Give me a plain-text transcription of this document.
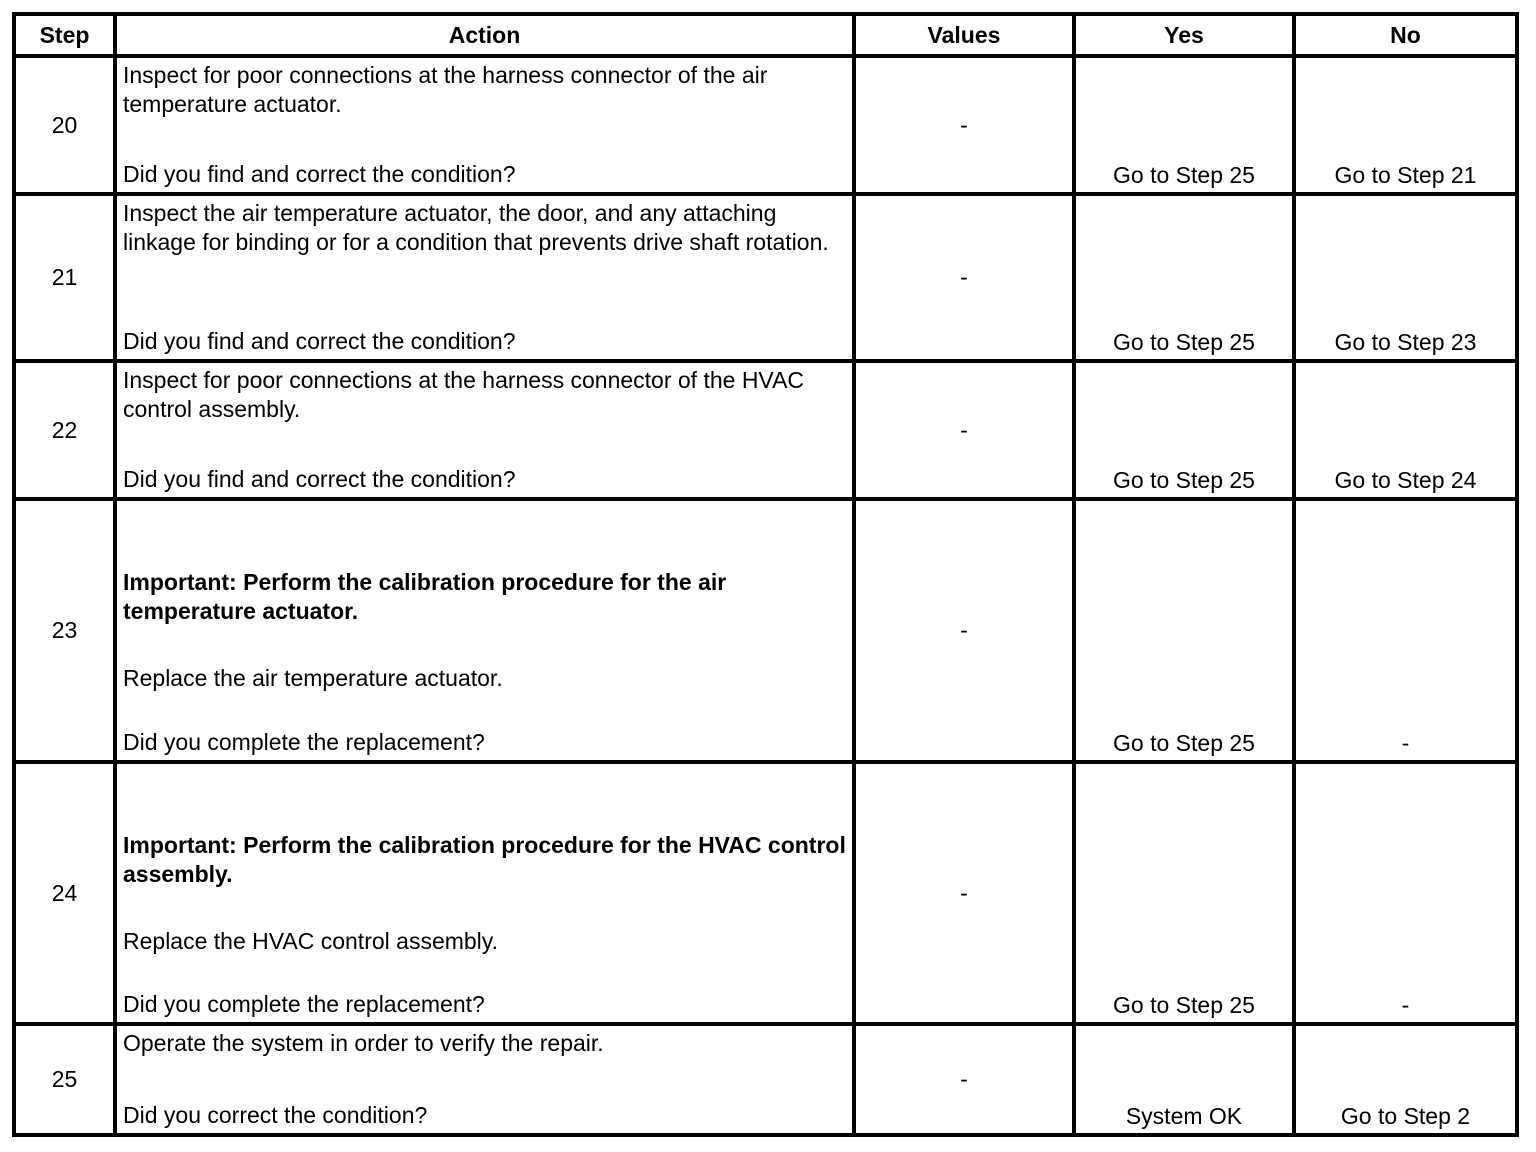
Step	Action	Values	Yes	No
20	Inspect for poor connections at the harness connector of the air temperature actuator.

Did you find and correct the condition?	-	Go to Step 25	Go to Step 21
21	Inspect the air temperature actuator, the door, and any attaching linkage for binding or for a condition that prevents drive shaft rotation.

Did you find and correct the condition?	-	Go to Step 25	Go to Step 23
22	Inspect for poor connections at the harness connector of the HVAC control assembly.

Did you find and correct the condition?	-	Go to Step 25	Go to Step 24
23	Important: Perform the calibration procedure for the air temperature actuator.

Replace the air temperature actuator.

Did you complete the replacement?	-	Go to Step 25	-
24	Important: Perform the calibration procedure for the HVAC control assembly.

Replace the HVAC control assembly.

Did you complete the replacement?	-	Go to Step 25	-
25	Operate the system in order to verify the repair.

Did you correct the condition?	-	System OK	Go to Step 2
